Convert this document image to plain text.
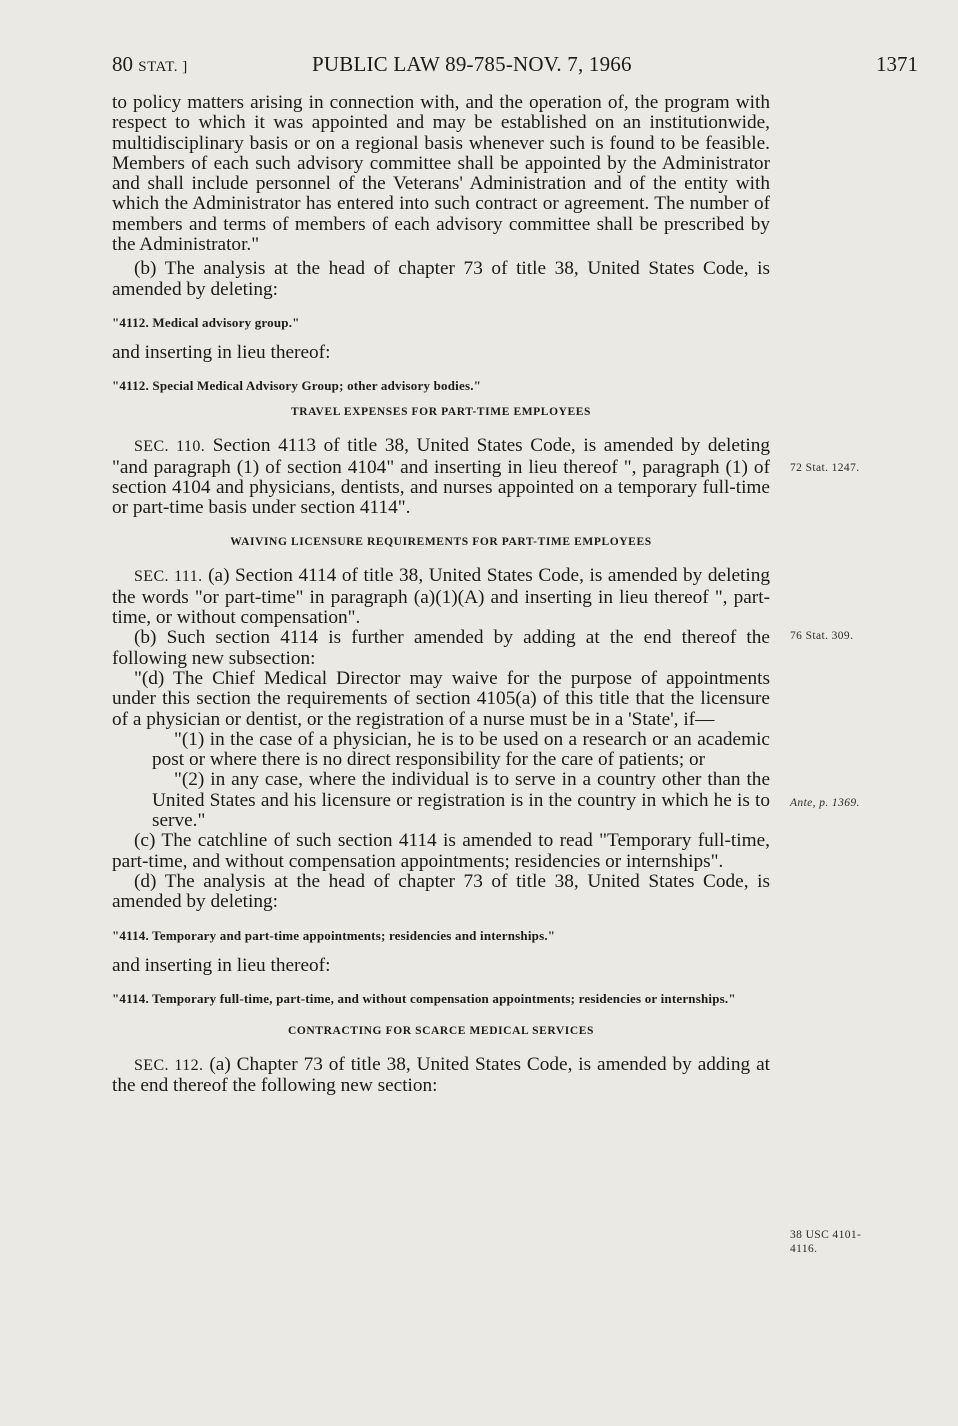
80 STAT. ]	PUBLIC LAW 89-785-NOV. 7, 1966	1371

to policy matters arising in connection with, and the operation of, the program with respect to which it was appointed and may be established on an institutionwide, multidisciplinary basis or on a regional basis whenever such is found to be feasible. Members of each such advisory committee shall be appointed by the Administrator and shall include personnel of the Veterans' Administration and of the entity with which the Administrator has entered into such contract or agreement. The number of members and terms of members of each advisory committee shall be prescribed by the Administrator."

(b) The analysis at the head of chapter 73 of title 38, United States Code, is amended by deleting:

"4112. Medical advisory group."

and inserting in lieu thereof:

"4112. Special Medical Advisory Group; other advisory bodies."
TRAVEL EXPENSES FOR PART-TIME EMPLOYEES

SEC. 110. Section 4113 of title 38, United States Code, is amended by deleting "and paragraph (1) of section 4104" and inserting in lieu thereof ", paragraph (1) of section 4104 and physicians, dentists, and nurses appointed on a temporary full-time or part-time basis under section 4114".

WAIVING LICENSURE REQUIREMENTS FOR PART-TIME EMPLOYEES

SEC. 111. (a) Section 4114 of title 38, United States Code, is amended by deleting the words "or part-time" in paragraph (a)(1)(A) and inserting in lieu thereof ", part-time, or without compensation".

(b) Such section 4114 is further amended by adding at the end thereof the following new subsection:

"(d) The Chief Medical Director may waive for the purpose of appointments under this section the requirements of section 4105(a) of this title that the licensure of a physician or dentist, or the registration of a nurse must be in a 'State', if—

"(1) in the case of a physician, he is to be used on a research or an academic post or where there is no direct responsibility for the care of patients; or

"(2) in any case, where the individual is to serve in a country other than the United States and his licensure or registration is in the country in which he is to serve."

(c) The catchline of such section 4114 is amended to read "Temporary full-time, part-time, and without compensation appointments; residencies or internships".

(d) The analysis at the head of chapter 73 of title 38, United States Code, is amended by deleting:

"4114. Temporary and part-time appointments; residencies and internships."

and inserting in lieu thereof:

"4114. Temporary full-time, part-time, and without compensation appointments; residencies or internships."
CONTRACTING FOR SCARCE MEDICAL SERVICES

SEC. 112. (a) Chapter 73 of title 38, United States Code, is amended by adding at the end thereof the following new section:

72 Stat. 1247.
76 Stat. 309.
Ante, p. 1369.
38 USC 4101-
4116.
